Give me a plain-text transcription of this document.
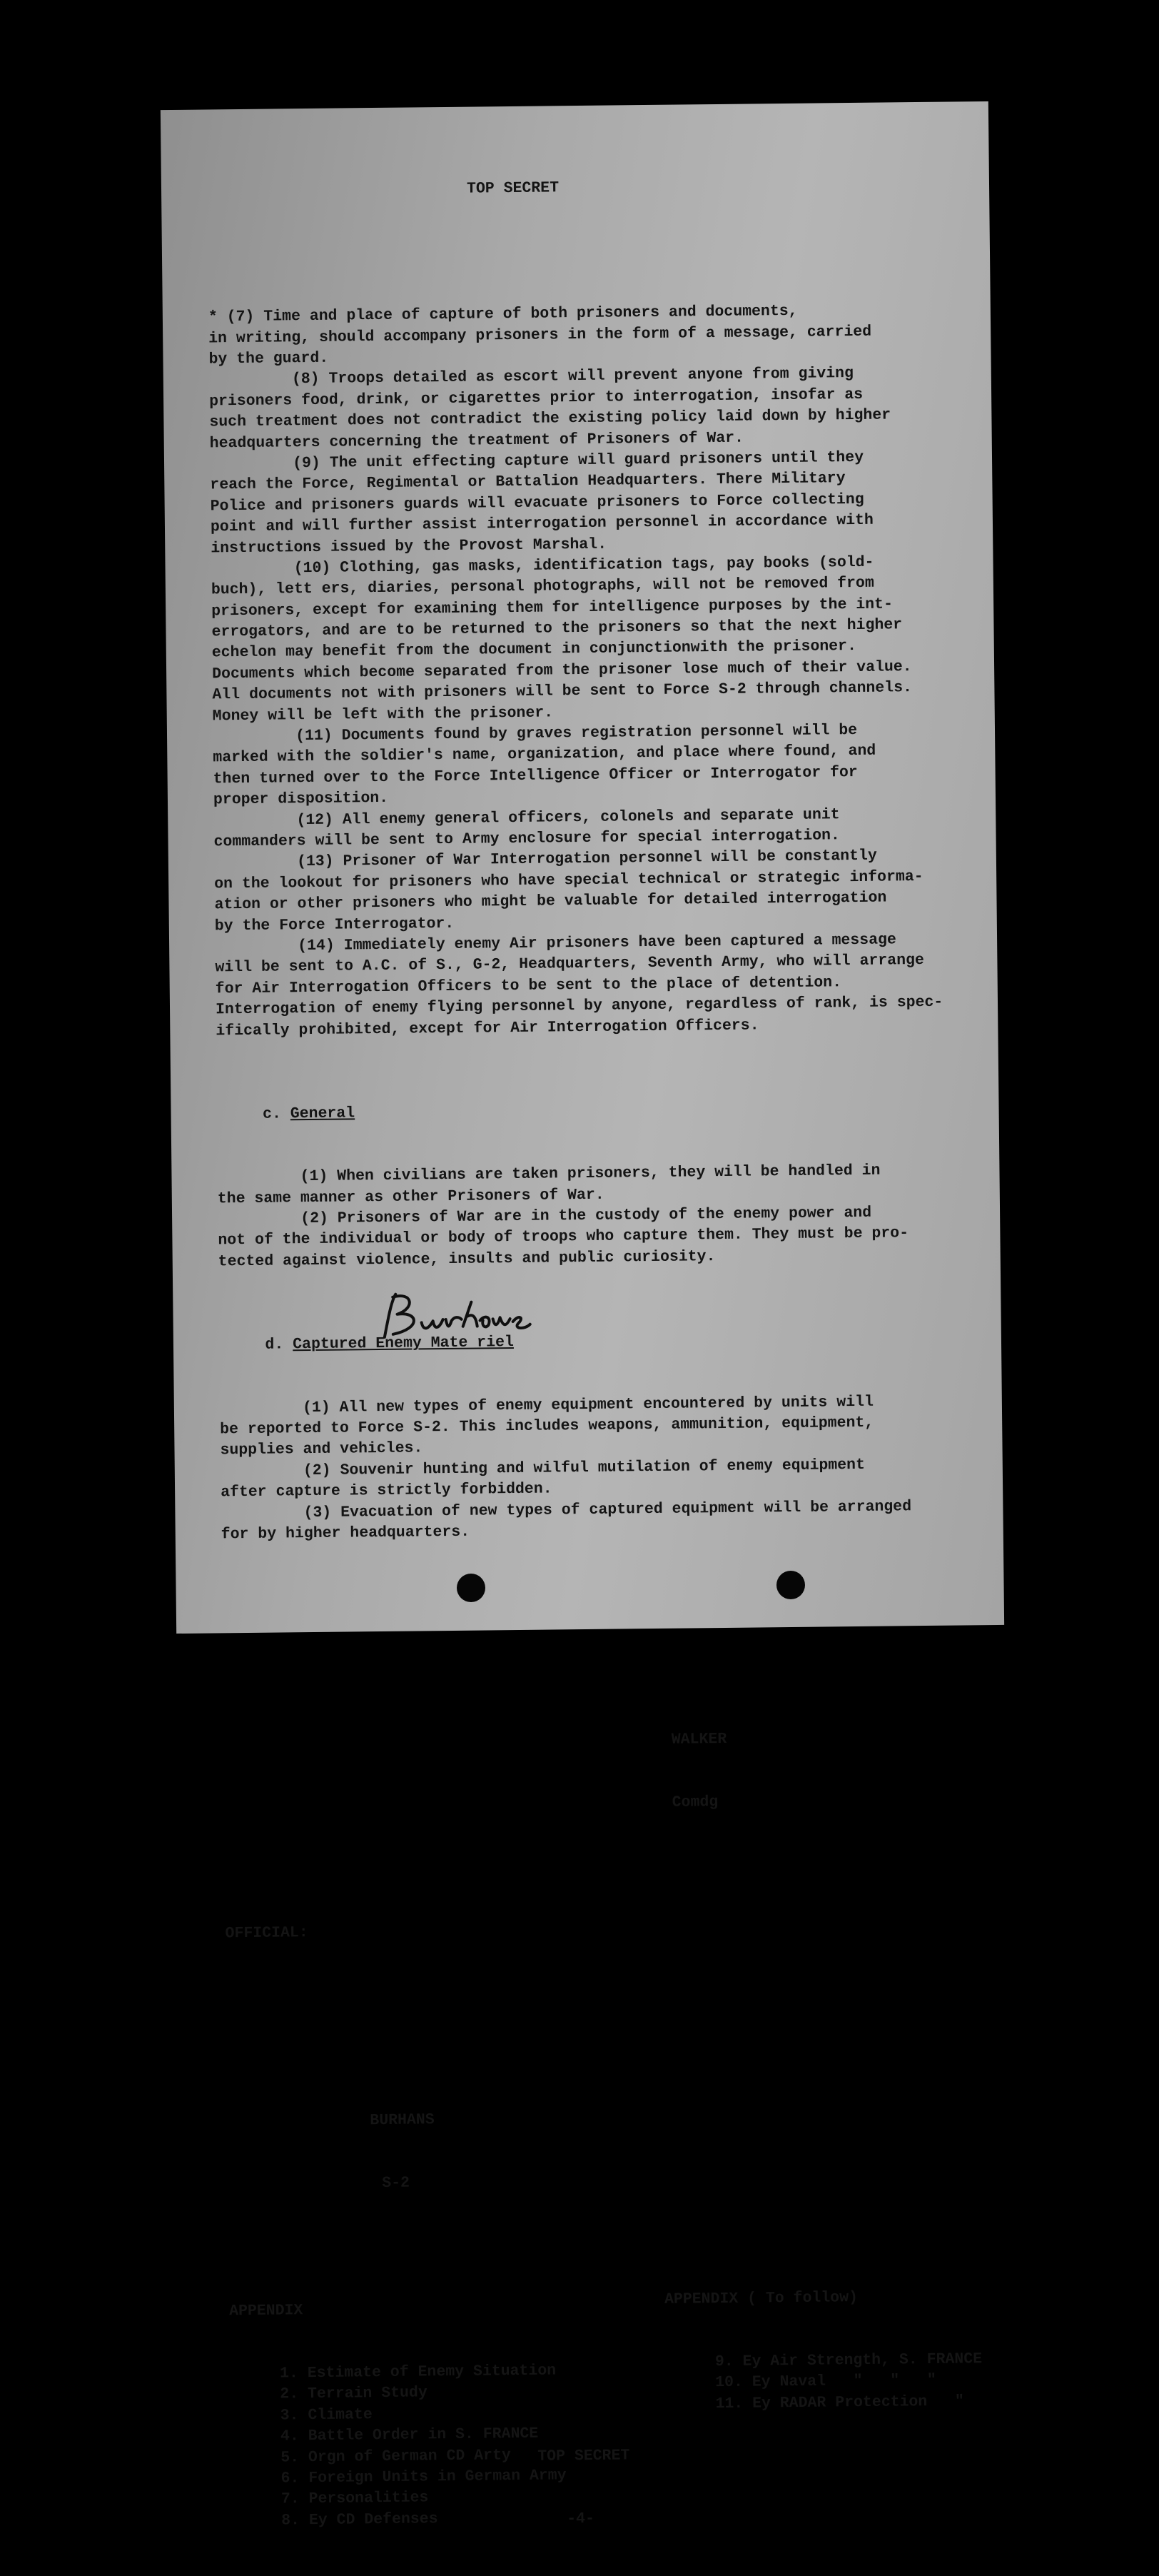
TOP SECRET

* (7) Time and place of capture of both prisoners and documents,
in writing, should accompany prisoners in the form of a message, carried
by the guard.
(8) Troops detailed as escort will prevent anyone from giving
prisoners food, drink, or cigarettes prior to interrogation, insofar as
such treatment does not contradict the existing policy laid down by higher
headquarters concerning the treatment of Prisoners of War.
(9) The unit effecting capture will guard prisoners until they
reach the Force, Regimental or Battalion Headquarters. There Military
Police and prisoners guards will evacuate prisoners to Force collecting
point and will further assist interrogation personnel in accordance with
instructions issued by the Provost Marshal.
(10) Clothing, gas masks, identification tags, pay books (sold-
buch), lett ers, diaries, personal photographs, will not be removed from
prisoners, except for examining them for intelligence purposes by the int-
errogators, and are to be returned to the prisoners so that the next higher
echelon may benefit from the document in conjunctionwith the prisoner.
Documents which become separated from the prisoner lose much of their value.
All documents not with prisoners will be sent to Force S-2 through channels.
Money will be left with the prisoner.
(11) Documents found by graves registration personnel will be
marked with the soldier's name, organization, and place where found, and
then turned over to the Force Intelligence Officer or Interrogator for
proper disposition.
(12) All enemy general officers, colonels and separate unit
commanders will be sent to Army enclosure for special interrogation.
(13) Prisoner of War Interrogation personnel will be constantly
on the lookout for prisoners who have special technical or strategic informa-
ation or other prisoners who might be valuable for detailed interrogation
by the Force Interrogator.
(14) Immediately enemy Air prisoners have been captured a message
will be sent to A.C. of S., G-2, Headquarters, Seventh Army, who will arrange
for Air Interrogation Officers to be sent to the place of detention.
Interrogation of enemy flying personnel by anyone, regardless of rank, is spec-
ifically prohibited, except for Air Interrogation Officers.

c. General

(1) When civilians are taken prisoners, they will be handled in
the same manner as other Prisoners of War.
(2) Prisoners of War are in the custody of the enemy power and
not of the individual or body of troops who capture them. They must be pro-
tected against violence, insults and public curiosity.

d. Captured Enemy Mate riel

(1) All new types of enemy equipment encountered by units will
be reported to Force S-2. This includes weapons, ammunition, equipment,
supplies and vehicles.
(2) Souvenir hunting and wilful mutilation of enemy equipment
after capture is strictly forbidden.
(3) Evacuation of new types of captured equipment will be arranged
for by higher headquarters.

WALKER

Comdg

OFFICIAL:

BURHANS

S-2

APPENDIX

1. Estimate of Enemy Situation
2. Terrain Study
3. Climate
4. Battle Order in S. FRANCE
5. Orgn of German CD Arty
6. Foreign Units in German Army
7. Personalities
8. Ey CD Defenses

APPENDIX ( To follow)

9. Ey Air Strength, S. FRANCE
10. Ey Naval   "   "   "
11. Ey RADAR Protection   "

TOP SECRET

-4-
